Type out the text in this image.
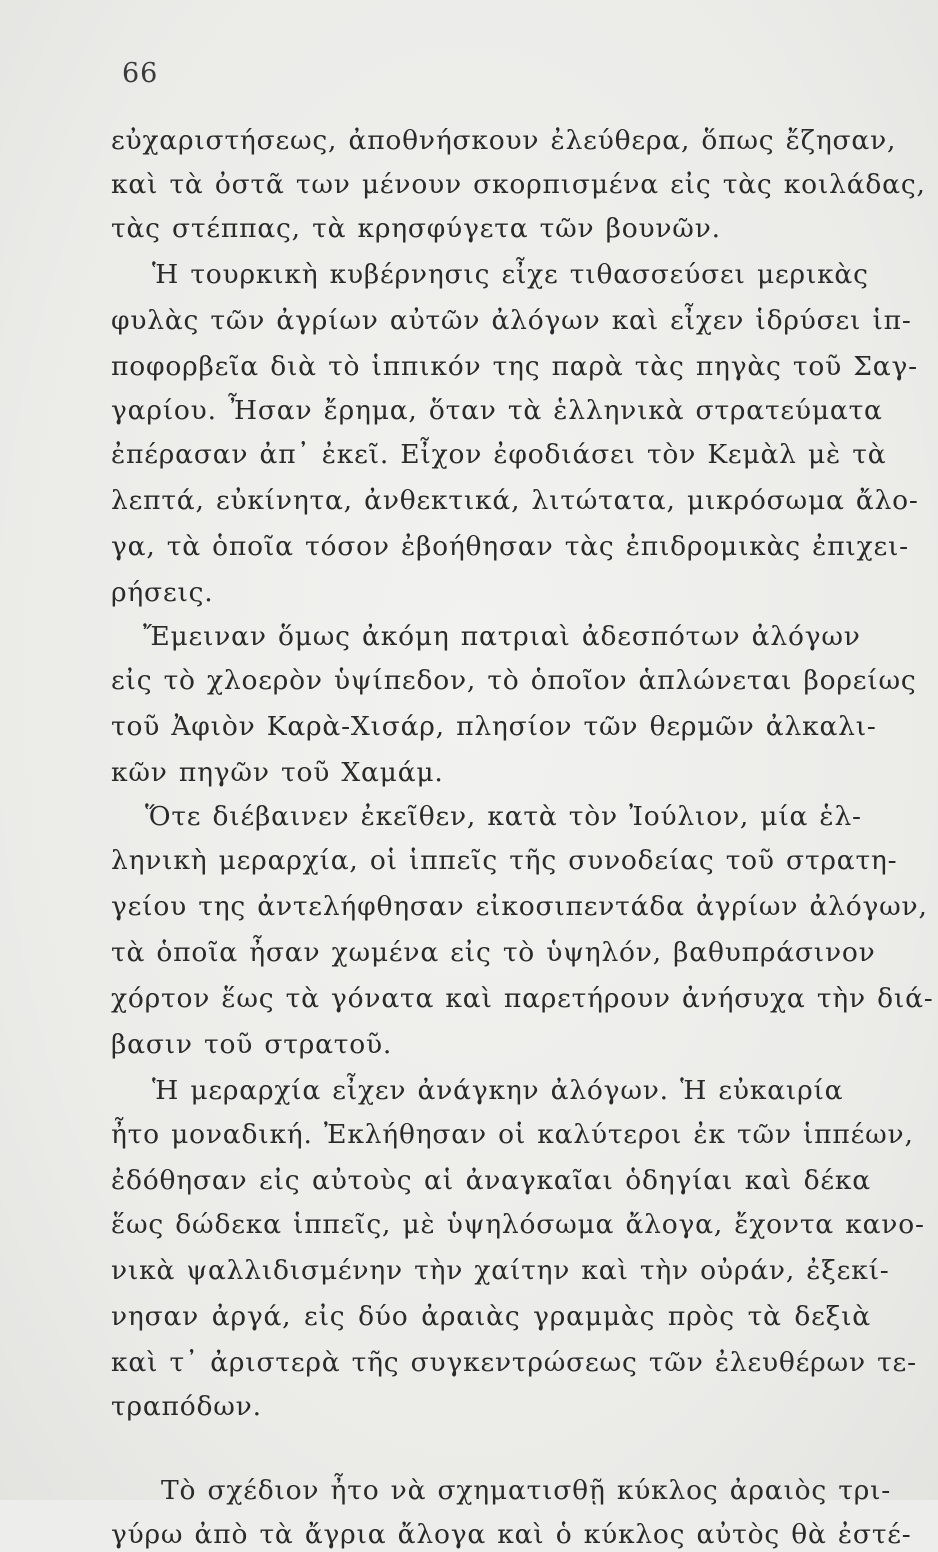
66
εὐχαριστήσεως, ἀποθνήσκουν ἐλεύθερα, ὅπως ἔζησαν,
καὶ τὰ ὀστᾶ των μένουν σκορπισμένα εἰς τὰς κοιλάδας,
τὰς στέππας, τὰ κρησφύγετα τῶν βουνῶν.
Ἡ τουρκικὴ κυβέρνησις εἶχε τιθασσεύσει μερικὰς
φυλὰς τῶν ἀγρίων αὐτῶν ἀλόγων καὶ εἶχεν ἱδρύσει ἱπ-
ποφορβεῖα διὰ τὸ ἱππικόν της παρὰ τὰς πηγὰς τοῦ Σαγ-
γαρίου. Ἦσαν ἔρημα, ὅταν τὰ ἑλληνικὰ στρατεύματα
ἐπέρασαν ἀπ᾽ ἐκεῖ. Εἶχον ἐφοδιάσει τὸν Κεμὰλ μὲ τὰ
λεπτά, εὐκίνητα, ἀνθεκτικά, λιτώτατα, μικρόσωμα ἄλο-
γα, τὰ ὁποῖα τόσον ἐβοήθησαν τὰς ἐπιδρομικὰς ἐπιχει-
ρήσεις.
Ἔμειναν ὅμως ἀκόμη πατριαὶ ἀδεσπότων ἀλόγων
εἰς τὸ χλοερὸν ὑψίπεδον, τὸ ὁποῖον ἁπλώνεται βορείως
τοῦ Ἀφιὸν Καρὰ-Χισάρ, πλησίον τῶν θερμῶν ἀλκαλι-
κῶν πηγῶν τοῦ Χαμάμ.
Ὅτε διέβαινεν ἐκεῖθεν, κατὰ τὸν Ἰούλιον, μία ἑλ-
ληνικὴ μεραρχία, οἱ ἱππεῖς τῆς συνοδείας τοῦ στρατη-
γείου της ἀντελήφθησαν εἰκοσιπεντάδα ἀγρίων ἀλόγων,
τὰ ὁποῖα ἦσαν χωμένα εἰς τὸ ὑψηλόν, βαθυπράσινον
χόρτον ἕως τὰ γόνατα καὶ παρετήρουν ἀνήσυχα τὴν διά-
βασιν τοῦ στρατοῦ.
Ἡ μεραρχία εἶχεν ἀνάγκην ἀλόγων. Ἡ εὐκαιρία
ἦτο μοναδική. Ἐκλήθησαν οἱ καλύτεροι ἐκ τῶν ἱππέων,
ἐδόθησαν εἰς αὐτοὺς αἱ ἀναγκαῖαι ὁδηγίαι καὶ δέκα
ἕως δώδεκα ἱππεῖς, μὲ ὑψηλόσωμα ἄλογα, ἔχοντα κανο-
νικὰ ψαλλιδισμένην τὴν χαίτην καὶ τὴν οὐράν, ἐξεκί-
νησαν ἀργά, εἰς δύο ἀραιὰς γραμμὰς πρὸς τὰ δεξιὰ
καὶ τ᾽ ἀριστερὰ τῆς συγκεντρώσεως τῶν ἐλευθέρων τε-
τραπόδων.
Τὸ σχέδιον ἦτο νὰ σχηματισθῇ κύκλος ἀραιὸς τρι-
γύρω ἀπὸ τὰ ἄγρια ἄλογα καὶ ὁ κύκλος αὐτὸς θὰ ἐστέ-
